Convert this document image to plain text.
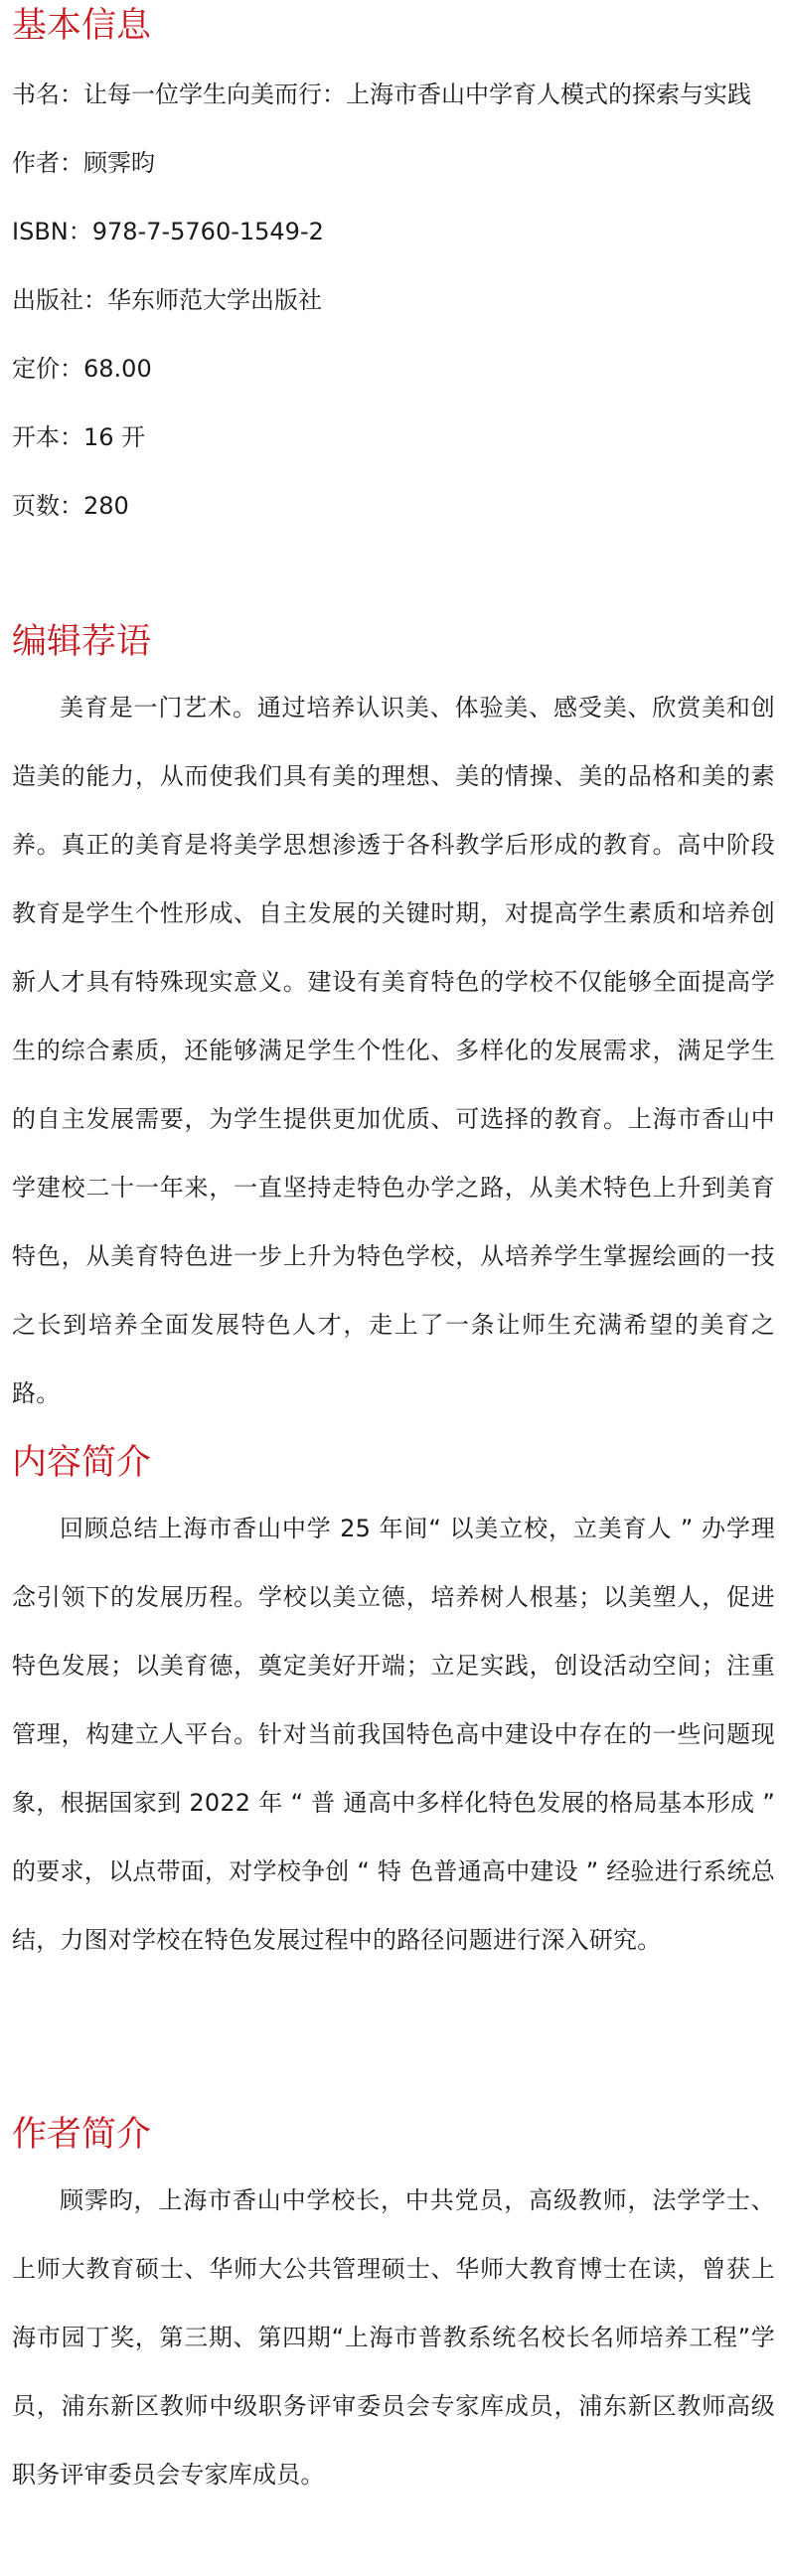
基本信息
书名：让每一位学生向美而行：上海市香山中学育人模式的探索与实践
作者：顾霁昀
ISBN：978-7-5760-1549-2
出版社：华东师范大学出版社
定价：68.00
开本：16 开
页数：280
编辑荐语

美育是一门艺术。通过培养认识美、体验美、感受美、欣赏美和创造美的能力，从而使我们具有美的理想、美的情操、美的品格和美的素养。真正的美育是将美学思想渗透于各科教学后形成的教育。高中阶段教育是学生个性形成、自主发展的关键时期，对提高学生素质和培养创新人才具有特殊现实意义。建设有美育特色的学校不仅能够全面提高学生的综合素质，还能够满足学生个性化、多样化的发展需求，满足学生的自主发展需要，为学生提供更加优质、可选择的教育。上海市香山中学建校二十一年来，一直坚持走特色办学之路，从美术特色上升到美育特色，从美育特色进一步上升为特色学校，从培养学生掌握绘画的一技之长到培养全面发展特色人才，走上了一条让师生充满希望的美育之路。

内容简介

回顾总结上海市香山中学 25 年间“ 以美立校，立美育人 ” 办学理念引领下的发展历程。学校以美立德，培养树人根基；以美塑人，促进特色发展；以美育德，奠定美好开端；立足实践，创设活动空间；注重管理，构建立人平台。针对当前我国特色高中建设中存在的一些问题现象，根据国家到 2022 年 “ 普 通高中多样化特色发展的格局基本形成 ” 的要求，以点带面，对学校争创 “ 特 色普通高中建设 ” 经验进行系统总结，力图对学校在特色发展过程中的路径问题进行深入研究。

作者简介

顾霁昀，上海市香山中学校长，中共党员，高级教师，法学学士、上师大教育硕士、华师大公共管理硕士、华师大教育博士在读，曾获上海市园丁奖，第三期、第四期“上海市普教系统名校长名师培养工程”学员，浦东新区教师中级职务评审委员会专家库成员，浦东新区教师高级职务评审委员会专家库成员。
